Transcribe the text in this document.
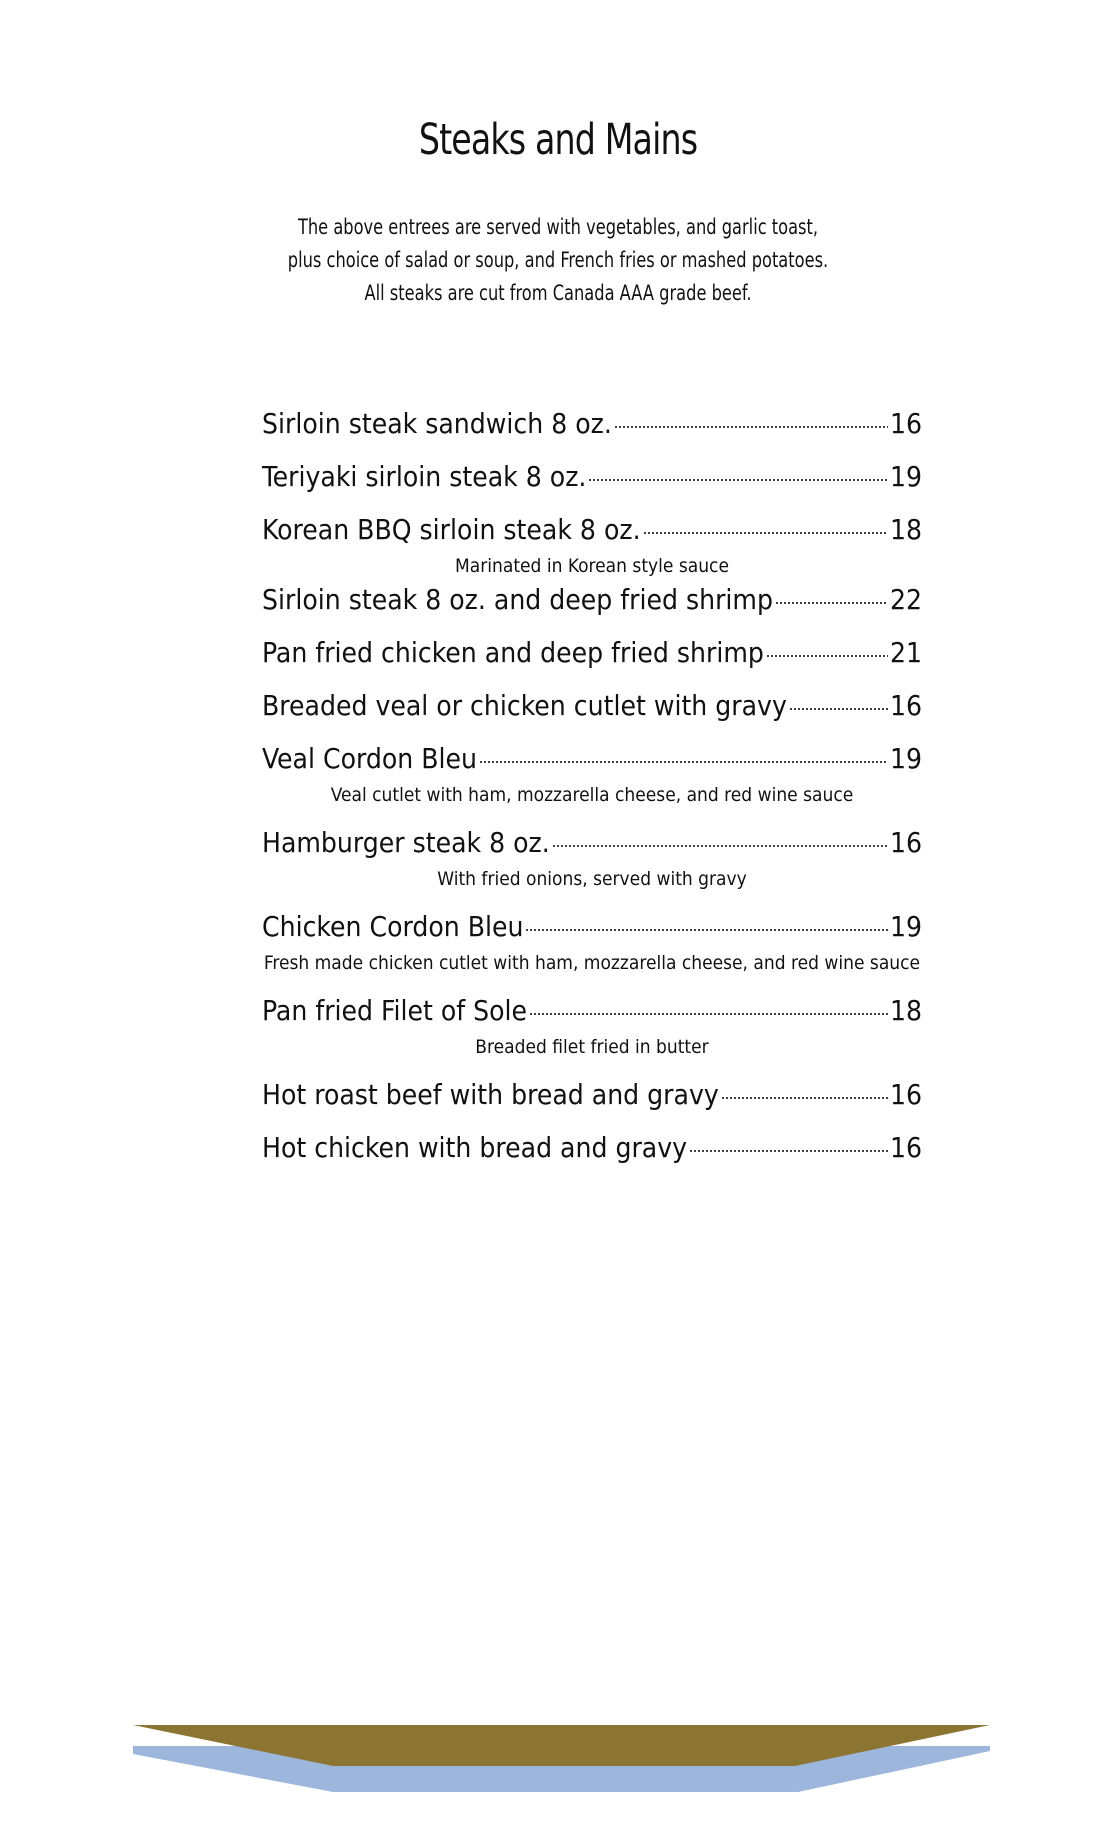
Steaks and Mains
The above entrees are served with vegetables, and garlic toast,
plus choice of salad or soup, and French fries or mashed potatoes.
All steaks are cut from Canada AAA grade beef.
Sirloin steak sandwich 8 oz.	16
Teriyaki sirloin steak 8 oz.	19
Korean BBQ sirloin steak 8 oz.	18
Marinated in Korean style sauce
Sirloin steak 8 oz. and deep fried shrimp	22
Pan fried chicken and deep fried shrimp	21
Breaded veal or chicken cutlet with gravy	16
Veal Cordon Bleu	19
Veal cutlet with ham, mozzarella cheese, and red wine sauce
Hamburger steak 8 oz.	16
With fried onions, served with gravy
Chicken Cordon Bleu	19
Fresh made chicken cutlet with ham, mozzarella cheese, and red wine sauce
Pan fried Filet of Sole	18
Breaded filet fried in butter
Hot roast beef with bread and gravy	16
Hot chicken with bread and gravy	16
